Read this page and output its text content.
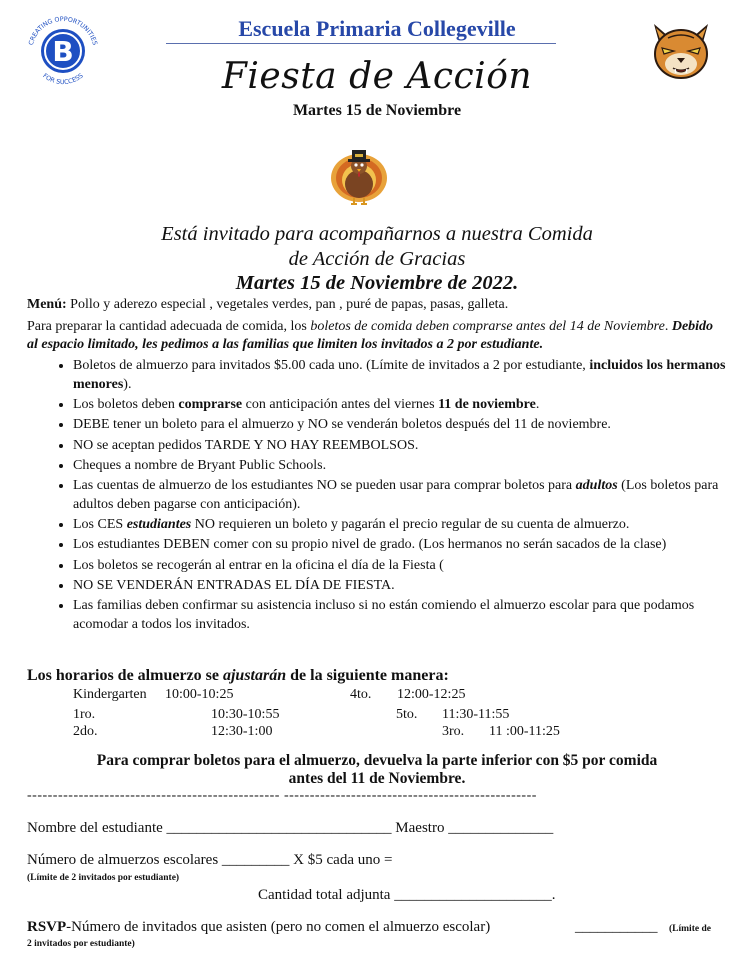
B
CREATING OPPORTUNITIES
FOR SUCCESS
Escuela Primaria Collegeville
Fiesta de Acción
Martes 15 de Noviembre
Está invitado para acompañarnos a nuestra Comida
de Acción de Gracias
Martes 15 de Noviembre de 2022.

Menú: Pollo y aderezo especial , vegetales verdes, pan , puré de papas, pasas, galleta.

Para preparar la cantidad adecuada de comida, los boletos de comida deben comprarse antes del 14 de Noviembre. Debido al espacio limitado, les pedimos a las familias que limiten los invitados a 2 por estudiante.

• Boletos de almuerzo para invitados $5.00 cada uno. (Límite de invitados a 2 por estudiante, incluidos los hermanos menores).
• Los boletos deben comprarse con anticipación antes del viernes 11 de noviembre.
• DEBE tener un boleto para el almuerzo y NO se venderán boletos después del 11 de noviembre.
• NO se aceptan pedidos TARDE Y NO HAY REEMBOLSOS.
• Cheques a nombre de Bryant Public Schools.
• Las cuentas de almuerzo de los estudiantes NO se pueden usar para comprar boletos para adultos (Los boletos para adultos deben pagarse con anticipación).
• Los CES estudiantes NO requieren un boleto y pagarán el precio regular de su cuenta de almuerzo.
• Los estudiantes DEBEN comer con su propio nivel de grado. (Los hermanos no serán sacados de la clase)
• Los boletos se recogerán al entrar en la oficina el día de la Fiesta (
• NO SE VENDERÁN ENTRADAS EL DÍA DE FIESTA.
• Las familias deben confirmar su asistencia incluso si no están comiendo el almuerzo escolar para que podamos acomodar a todos los invitados.
Los horarios de almuerzo se ajustarán de la siguiente manera:
Kindergarten 10:00-10:25	4to. 12:00-12:25
1ro.	10:30-10:55	5to. 11:30-11:55
2do.	12:30-1:00	3ro. 11 :00-11:25
Para comprar boletos para el almuerzo, devuelva la parte inferior con $5 por comida
antes del 11 de Noviembre.
------------------------------------------------- -------------------------------------------------
Nombre del estudiante ______________________________ Maestro ______________
Número de almuerzos escolares _________ X $5 cada uno =
(Límite de 2 invitados por estudiante)
Cantidad total adjunta _____________________.
RSVP-Número de invitados que asisten (pero no comen el almuerzo escolar)	___________ (Límite de
2 invitados por estudiante)
